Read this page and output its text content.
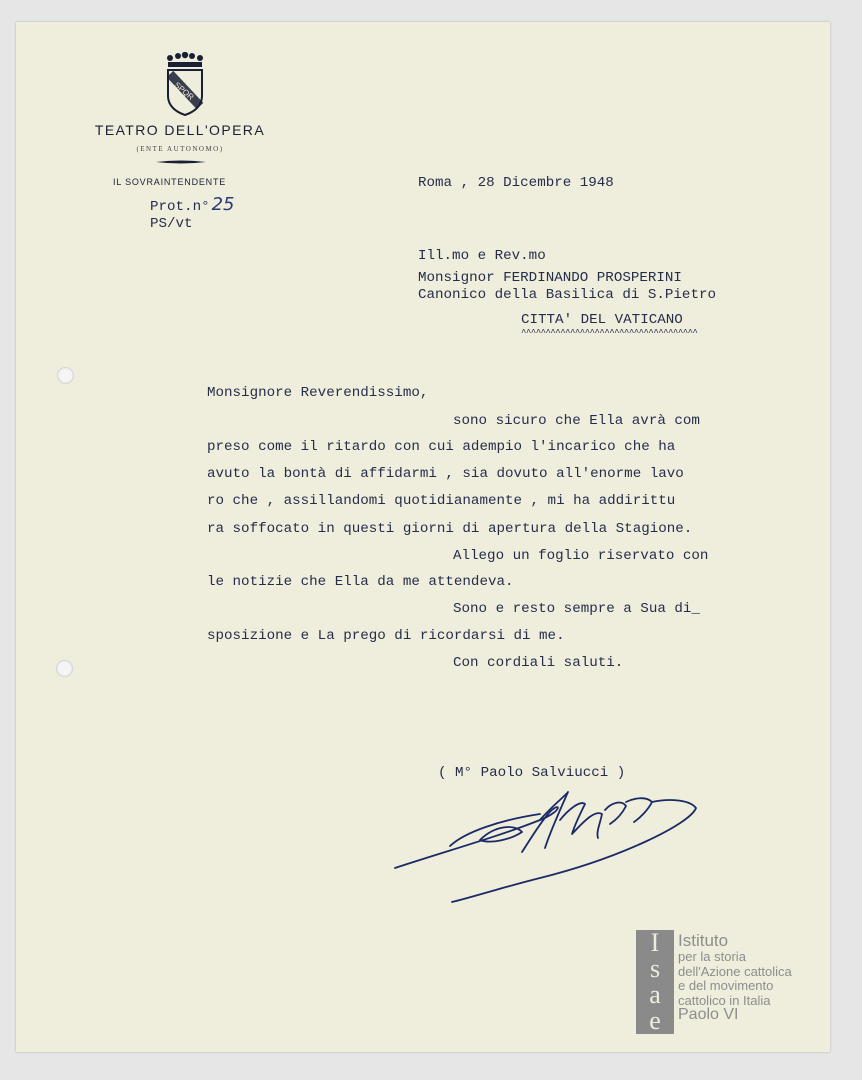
SPQR
TEATRO DELL'OPERA
(ENTE AUTONOMO)
IL SOVRAINTENDENTE
Prot.n° 25
PS/vt
Roma , 28 Dicembre 1948
Ill.mo e Rev.mo
Monsignor FERDINANDO PROSPERINI
Canonico della Basilica di S.Pietro
CITTA' DEL VATICANO
^^^^^^^^^^^^^^^^^^^^^^^^^^^^^^^^^^^^
Monsignore Reverendissimo,
sono sicuro che Ella avrà com
preso come il ritardo con cui adempio l'incarico che ha
avuto la bontà di affidarmi , sia dovuto all'enorme lavo
ro che , assillandomi quotidianamente , mi ha addirittu
ra soffocato in questi giorni di apertura della Stagione.
Allego un foglio riservato con
le notizie che Ella da me attendeva.
Sono e resto sempre a Sua di_
sposizione e La prego di ricordarsi di me.
Con cordiali saluti.
( M° Paolo Salviucci )
I
s
a
e
Istituto
per la storia
dell'Azione cattolica
e del movimento
cattolico in Italia
Paolo VI
